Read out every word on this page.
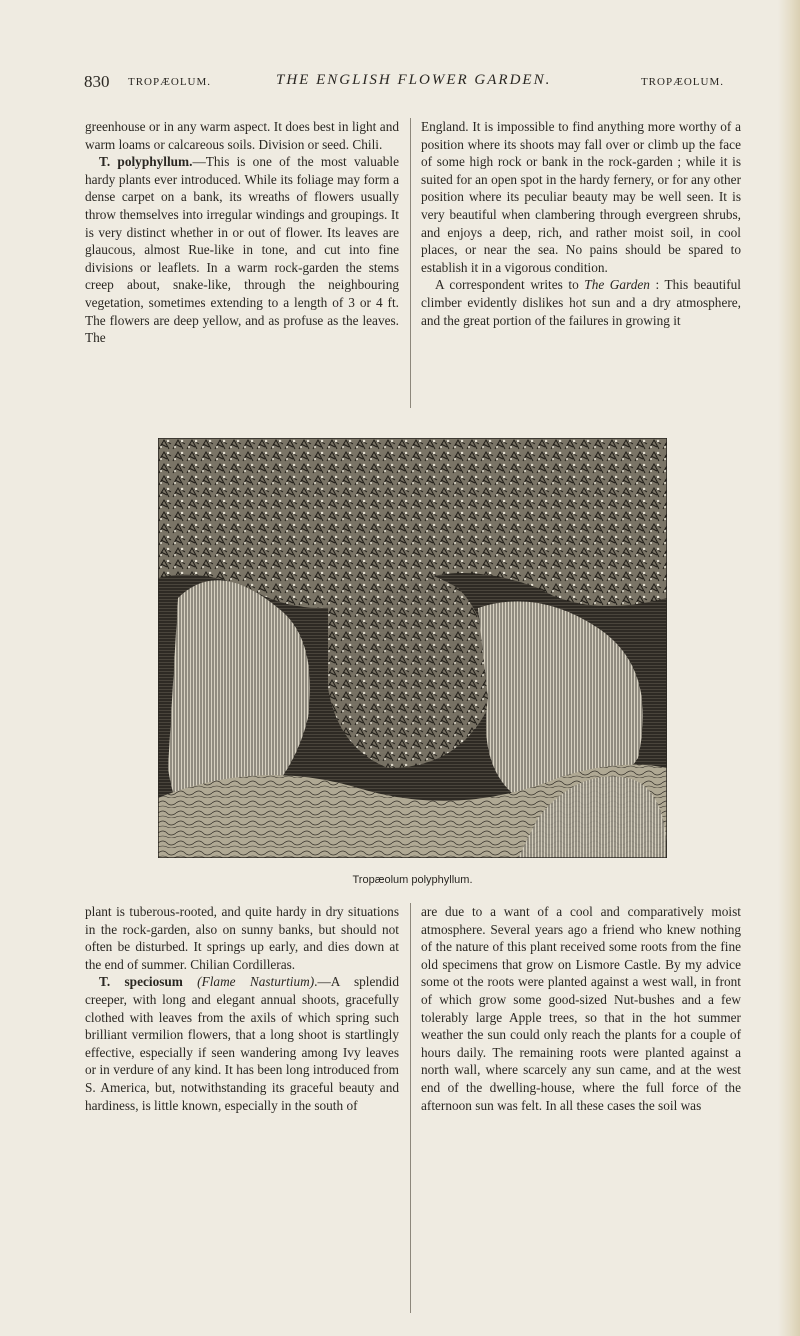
830 TROPÆOLUM.	THE ENGLISH FLOWER GARDEN.	TROPÆOLUM.

greenhouse or in any warm aspect. It does best in light and warm loams or calcareous soils. Division or seed. Chili.

T. polyphyllum.—This is one of the most valuable hardy plants ever introduced. While its foliage may form a dense carpet on a bank, its wreaths of flowers usually throw themselves into irregular windings and groupings. It is very distinct whether in or out of flower. Its leaves are glaucous, almost Rue-like in tone, and cut into fine divisions or leaflets. In a warm rock-garden the stems creep about, snake-like, through the neighbouring vegetation, sometimes extending to a length of 3 or 4 ft. The flowers are deep yellow, and as profuse as the leaves. The

England. It is impossible to find anything more worthy of a position where its shoots may fall over or climb up the face of some high rock or bank in the rock-garden ; while it is suited for an open spot in the hardy fernery, or for any other position where its peculiar beauty may be well seen. It is very beautiful when clambering through evergreen shrubs, and enjoys a deep, rich, and rather moist soil, in cool places, or near the sea. No pains should be spared to establish it in a vigorous condition.

A correspondent writes to The Garden : This beautiful climber evidently dislikes hot sun and a dry atmosphere, and the great portion of the failures in growing it

Tropæolum polyphyllum.

plant is tuberous-rooted, and quite hardy in dry situations in the rock-garden, also on sunny banks, but should not often be disturbed. It springs up early, and dies down at the end of summer. Chilian Cordilleras.

T. speciosum (Flame Nasturtium).—A splendid creeper, with long and elegant annual shoots, gracefully clothed with leaves from the axils of which spring such brilliant vermilion flowers, that a long shoot is startlingly effective, especially if seen wandering among Ivy leaves or in verdure of any kind. It has been long introduced from S. America, but, notwithstanding its graceful beauty and hardiness, is little known, especially in the south of

are due to a want of a cool and comparatively moist atmosphere. Several years ago a friend who knew nothing of the nature of this plant received some roots from the fine old specimens that grow on Lismore Castle. By my advice some ot the roots were planted against a west wall, in front of which grow some good-sized Nut-bushes and a few tolerably large Apple trees, so that in the hot summer weather the sun could only reach the plants for a couple of hours daily. The remaining roots were planted against a north wall, where scarcely any sun came, and at the west end of the dwelling-house, where the full force of the afternoon sun was felt. In all these cases the soil was
